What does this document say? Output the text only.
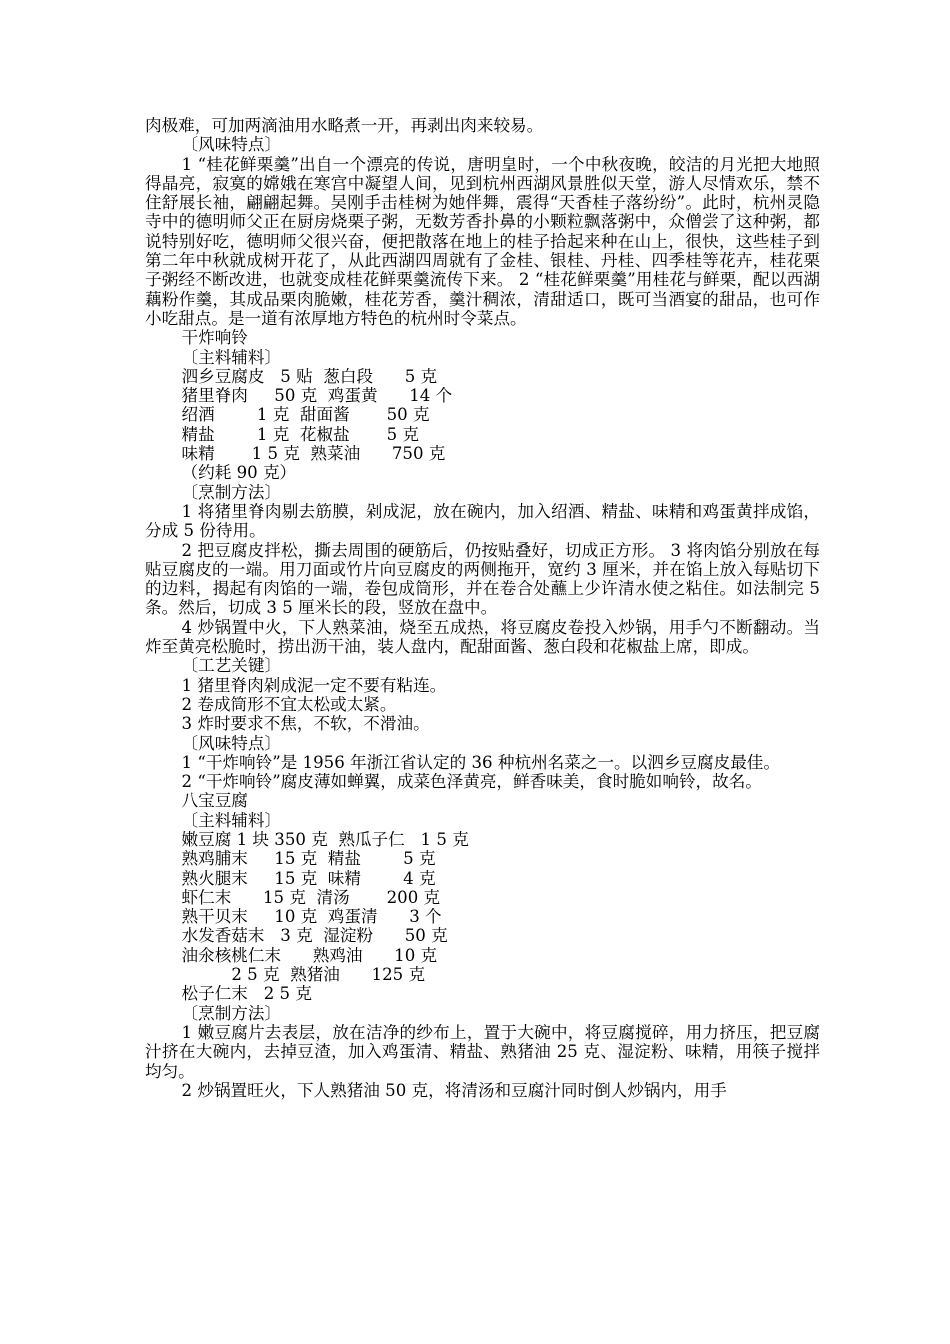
肉极难，可加两滴油用水略煮一开，再剥出肉来较易。

〔风味特点〕

1 “桂花鲜栗羹”出自一个漂亮的传说，唐明皇时，一个中秋夜晚，皎洁的月光把大地照得晶亮，寂寞的嫦娥在寒宫中凝望人间，见到杭州西湖风景胜似天堂，游人尽情欢乐，禁不住舒展长袖，翩翩起舞。吴刚手击桂树为她伴舞，震得“天香桂子落纷纷”。此时，杭州灵隐寺中的德明师父正在厨房烧栗子粥，无数芳香扑鼻的小颗粒飘落粥中，众僧尝了这种粥，都说特别好吃，德明师父很兴奋，便把散落在地上的桂子拾起来种在山上，很快，这些桂子到第二年中秋就成树开花了，从此西湖四周就有了金桂、银桂、丹桂、四季桂等花卉，桂花栗子粥经不断改进，也就变成桂花鲜栗羹流传下来。 2 “桂花鲜栗羹”用桂花与鲜栗，配以西湖藕粉作羹，其成品栗肉脆嫩，桂花芳香，羹汁稠浓，清甜适口，既可当酒宴的甜品，也可作小吃甜点。是一道有浓厚地方特色的杭州时令菜点。

干炸响铃

〔主料辅料〕

泗乡豆腐皮   5 贴  葱白段      5 克

猪里脊肉     50 克  鸡蛋黄      14 个

绍酒        1 克  甜面酱       50 克

精盐        1 克  花椒盐       5 克

味精       1 5 克  熟菜油      750 克

（约耗 90 克）

〔烹制方法〕

1 将猪里脊肉剔去筋膜，剁成泥，放在碗内，加入绍酒、精盐、味精和鸡蛋黄拌成馅，分成 5 份待用。

2 把豆腐皮拌松，撕去周围的硬筋后，仍按贴叠好，切成正方形。 3 将肉馅分别放在每贴豆腐皮的一端。用刀面或竹片向豆腐皮的两侧拖开，宽约 3 厘米，并在馅上放入每贴切下的边料，揭起有肉馅的一端，卷包成筒形，并在卷合处蘸上少许清水使之粘住。如法制完 5 条。然后，切成 3 5 厘米长的段，竖放在盘中。

4 炒锅置中火，下人熟菜油，烧至五成热，将豆腐皮卷投入炒锅，用手勺不断翻动。当炸至黄亮松脆时，捞出沥干油，装人盘内，配甜面酱、葱白段和花椒盐上席，即成。

〔工艺关键〕

1 猪里脊肉剁成泥一定不要有粘连。

2 卷成筒形不宜太松或太紧。

3 炸时要求不焦，不软，不滑油。

〔风味特点〕

1 “干炸响铃”是 1956 年浙江省认定的 36 种杭州名菜之一。以泗乡豆腐皮最佳。

2 “干炸响铃”腐皮薄如蝉翼，成菜色泽黄亮，鲜香味美，食时脆如响铃，故名。

八宝豆腐

〔主料辅料〕

嫩豆腐 1 块 350 克  熟瓜子仁   1 5 克

熟鸡脯末     15 克  精盐        5 克

熟火腿末     15 克  味精        4 克

虾仁末      15 克  清汤       200 克

熟干贝末     10 克  鸡蛋清      3 个

水发香菇末   3 克  湿淀粉      50 克

油氽核桃仁末      熟鸡油      10 克

2 5 克  熟猪油      125 克

松子仁末   2 5 克

〔烹制方法〕

1 嫩豆腐片去表层，放在洁净的纱布上，置于大碗中，将豆腐搅碎，用力挤压，把豆腐汁挤在大碗内，去掉豆渣，加入鸡蛋清、精盐、熟猪油 25 克、湿淀粉、味精，用筷子搅拌均匀。

2 炒锅置旺火，下人熟猪油 50 克，将清汤和豆腐汁同时倒人炒锅内，用手
